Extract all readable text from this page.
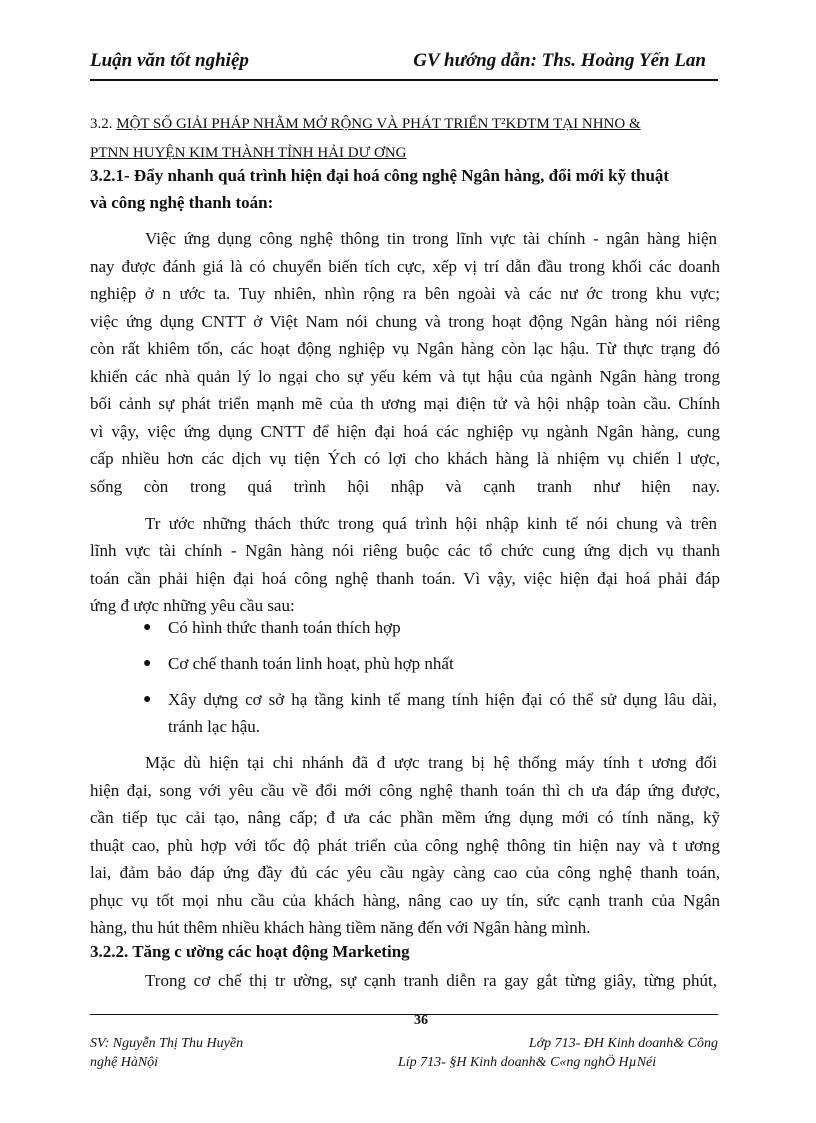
Luận văn tốt nghiệp	GV hướng dẫn: Ths. Hoàng Yến Lan
3.2. MỘT SỐ GIẢI PHÁP NHẰM MỞ RỘNG VÀ PHÁT TRIỂN T²KDTM TẠI NHNO &
PTNN HUYỆN KIM THÀNH TỈNH HẢI DƯ ƠNG
3.2.1- Đẩy nhanh quá trình hiện đại hoá công nghệ Ngân hàng, đổi mới kỹ thuật
và công nghệ thanh toán:
Việc ứng dụng công nghệ thông tin trong lĩnh vực tài chính - ngân hàng hiện
nay được đánh giá là có chuyển biến tích cực, xếp vị trí dẫn đầu trong khối các doanh
nghiệp ở n ước ta. Tuy nhiên, nhìn rộng ra bên ngoài và các nư ớc trong khu vực;
việc ứng dụng CNTT ở Việt Nam nói chung và trong hoạt động Ngân hàng nói riêng
còn rất khiêm tốn, các hoạt động nghiệp vụ Ngân hàng còn lạc hậu. Từ thực trạng đó
khiến các nhà quản lý lo ngại cho sự yếu kém và tụt hậu của ngành Ngân hàng trong
bối cảnh sự phát triển mạnh mẽ của th ương mại điện tử và hội nhập toàn cầu. Chính
vì vậy, việc ứng dụng CNTT để hiện đại hoá các nghiệp vụ ngành Ngân hàng, cung
cấp nhiều hơn các dịch vụ tiện Ých có lợi cho khách hàng là nhiệm vụ chiến l ược,
sống còn trong quá trình hội nhập và cạnh tranh như hiện nay.
Tr ước những thách thức trong quá trình hội nhập kinh tế nói chung và trên
lĩnh vực tài chính - Ngân hàng nói riêng buộc các tổ chức cung ứng dịch vụ thanh
toán cần phải hiện đại hoá công nghệ thanh toán. Vì vậy, việc hiện đại hoá phải đáp
ứng đ ược những yêu cầu sau:
● Có hình thức thanh toán thích hợp
● Cơ chế thanh toán linh hoạt, phù hợp nhất
● Xây dựng cơ sở hạ tầng kinh tế mang tính hiện đại có thể sử dụng lâu dài,
tránh lạc hậu.
Mặc dù hiện tại chi nhánh đã đ ược trang bị hệ thống máy tính t ương đối
hiện đại, song với yêu cầu về đổi mới công nghệ thanh toán thì ch ưa đáp ứng được,
cần tiếp tục cải tạo, nâng cấp; đ ưa các phần mềm ứng dụng mới có tính năng, kỹ
thuật cao, phù hợp với tốc độ phát triển của công nghệ thông tin hiện nay và t ương
lai, đảm bảo đáp ứng đầy đủ các yêu cầu ngày càng cao của công nghệ thanh toán,
phục vụ tốt mọi nhu cầu của khách hàng, nâng cao uy tín, sức cạnh tranh của Ngân
hàng, thu hút thêm nhiều khách hàng tiềm năng đến với Ngân hàng mình.
3.2.2. Tăng c ường các hoạt động Marketing
Trong cơ chế thị tr ường, sự cạnh tranh diễn ra gay gắt từng giây, từng phút,
36
SV: Nguyễn Thị Thu Huyền	Lớp 713- ĐH Kinh doanh& Công
nghệ HàNội	Líp 713- §H Kinh doanh& C«ng nghÖ HµNéi
